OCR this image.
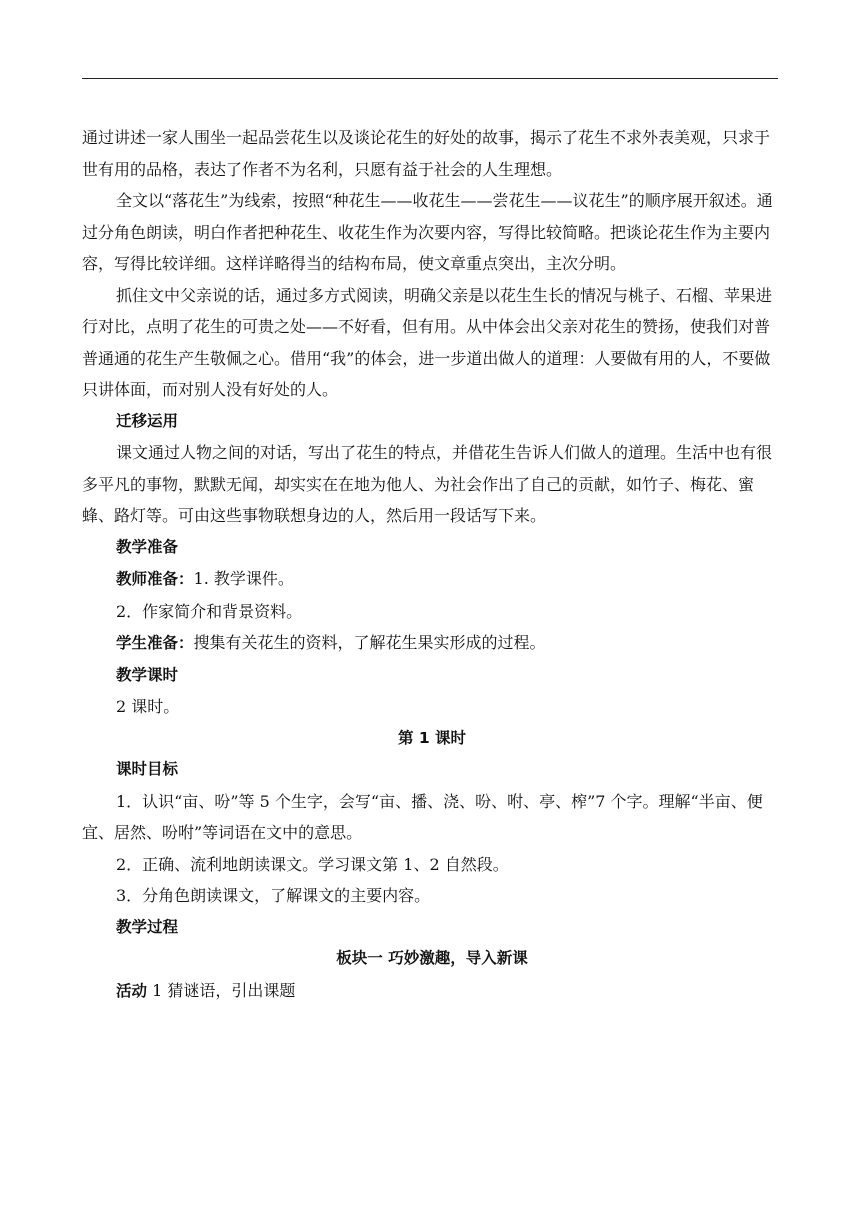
通过讲述一家人围坐一起品尝花生以及谈论花生的好处的故事，揭示了花生不求外表美观，只求于世有用的品格，表达了作者不为名利，只愿有益于社会的人生理想。

全文以“落花生”为线索，按照“种花生——收花生——尝花生——议花生”的顺序展开叙述。通过分角色朗读，明白作者把种花生、收花生作为次要内容，写得比较简略。把谈论花生作为主要内容，写得比较详细。这样详略得当的结构布局，使文章重点突出，主次分明。

抓住文中父亲说的话，通过多方式阅读，明确父亲是以花生生长的情况与桃子、石榴、苹果进行对比，点明了花生的可贵之处——不好看，但有用。从中体会出父亲对花生的赞扬，使我们对普普通通的花生产生敬佩之心。借用“我”的体会，进一步道出做人的道理：人要做有用的人，不要做只讲体面，而对别人没有好处的人。

迁移运用

课文通过人物之间的对话，写出了花生的特点，并借花生告诉人们做人的道理。生活中也有很多平凡的事物，默默无闻，却实实在在地为他人、为社会作出了自己的贡献，如竹子、梅花、蜜蜂、路灯等。可由这些事物联想身边的人，然后用一段话写下来。

教学准备

教师准备：1. 教学课件。

2．作家简介和背景资料。

学生准备：搜集有关花生的资料，了解花生果实形成的过程。

教学课时

2 课时。

第 1 课时

课时目标

1．认识“亩、吩”等 5 个生字，会写“亩、播、浇、吩、咐、亭、榨”7 个字。理解“半亩、便宜、居然、吩咐”等词语在文中的意思。

2．正确、流利地朗读课文。学习课文第 1、2 自然段。

3．分角色朗读课文，了解课文的主要内容。

教学过程

板块一 巧妙激趣，导入新课

活动 1 猜谜语，引出课题
